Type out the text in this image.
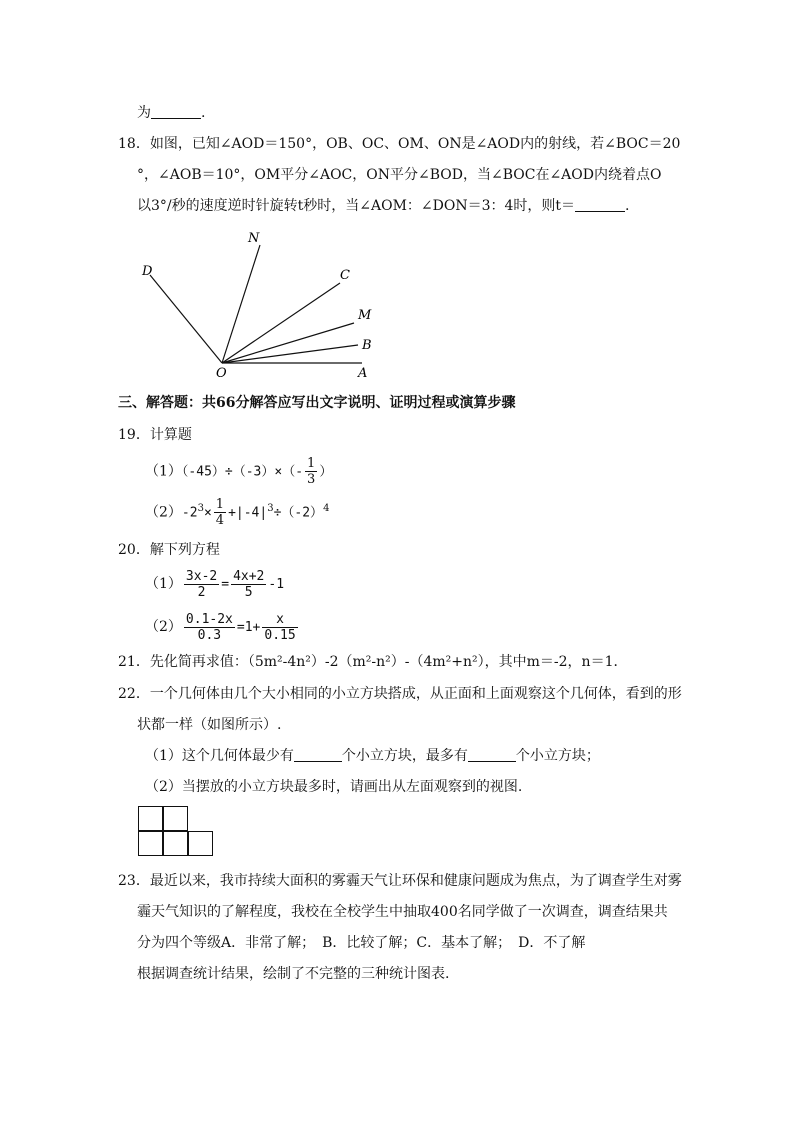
为	.
18．如图，已知∠AOD＝150°，OB、OC、OM、ON是∠AOD内的射线，若∠BOC＝20
°，∠AOB＝10°，OM平分∠AOC，ON平分∠BOD，当∠BOC在∠AOD内绕着点O
以3°/秒的速度逆时针旋转t秒时，当∠AOM：∠DON＝3：4时，则t＝	.
D
N
C
M
B
O	A
三、解答题：共66分解答应写出文字说明、证明过程或演算步骤
19．计算题
$(1)(-45)\div(-3)\times(- \frac{1}{3}$ ）
$(2)-2^3\times \frac{1}{4} +|-4|^3\div(-2)^4$
20．解下列方程
$(1) \frac{3x-2}{2} = \frac{4x+2}{5} -1$
$(2) \frac{0.1-2x}{0.3} =1+ \frac{x}{0.15}$
21．先化简再求值：（5m²-4n²）-2（m²-n²）-（4m²+n²），其中m＝-2，n＝1．
22．一个几何体由几个大小相同的小立方块搭成，从正面和上面观察这个几何体，看到的形
状都一样（如图所示）.
（1）这个几何体最少有	个小立方块，最多有	个小立方块；
（2）当摆放的小立方块最多时，请画出从左面观察到的视图.
23．最近以来，我市持续大面积的雾霾天气让环保和健康问题成为焦点，为了调查学生对雾
霾天气知识的了解程度，我校在全校学生中抽取400名同学做了一次调查，调查结果共
分为四个等级A．非常了解；　B．比较了解；C．基本了解；　D．不了解
根据调查统计结果，绘制了不完整的三种统计图表.
